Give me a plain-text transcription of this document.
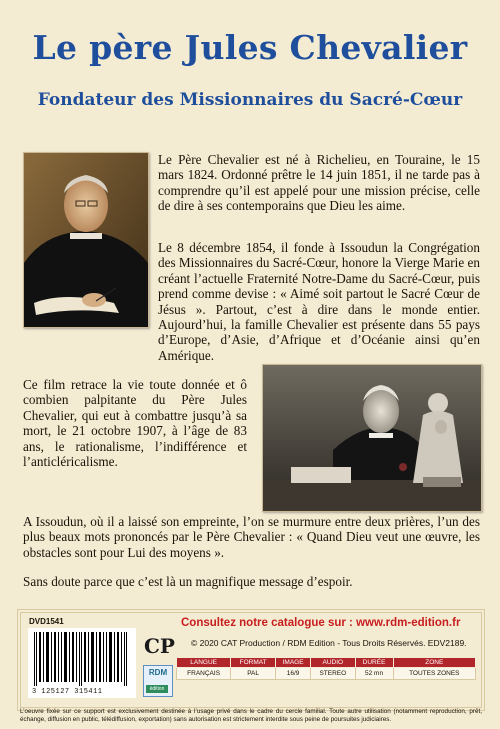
Le père Jules Chevalier
Fondateur des Missionnaires du Sacré-Cœur
Le Père Chevalier est né à Richelieu, en Touraine, le 15 mars 1824. Ordonné prêtre le 14 juin 1851, il ne tarde pas à comprendre qu’il est appelé pour une mission précise, celle de dire à ses contemporains que Dieu les aime.
Le 8 décembre 1854, il fonde à Issoudun la Congrégation des Missionnaires du Sacré-Cœur, honore la Vierge Marie en créant l’actuelle Fraternité Notre-Dame du Sacré-Cœur, puis prend comme devise : « Aimé soit partout le Sacré Cœur de Jésus ». Partout, c’est à dire dans le monde entier. Aujourd’hui, la famille Chevalier est présente dans 55 pays d’Europe, d’Asie, d’Afrique et d’Océanie ainsi qu’en Amérique.
Ce film retrace la vie toute donnée et ô combien palpitante du Père Jules Chevalier, qui eut à combattre jusqu’à sa mort, le 21 octobre 1907, à l’âge de 83 ans, le rationalisme, l’indifférence et l’anticléricalisme.
A Issoudun, où il a laissé son empreinte, l’on se murmure entre deux prières, l’un des plus beaux mots prononcés par le Père Chevalier : « Quand Dieu veut une œuvre, les obstacles sont pour Lui des moyens ».
Sans doute parce que c’est là un magnifique message d’espoir.
DVD1541
3 125127 315411
CP
RDM
édition
Consultez notre catalogue sur : www.rdm-edition.fr
© 2020 CAT Production / RDM Edition - Tous Droits Réservés. EDV2189.
LANGUE	FORMAT	IMAGE	AUDIO	DURÉE	ZONE
FRANÇAIS	PAL	16/9	STEREO	52 mn	TOUTES ZONES
L’oeuvre fixée sur ce support est exclusivement destinée à l’usage privé dans le cadre du cercle familial. Toute autre utilisation (notamment reproduction, prêt, échange, diffusion en public, télédiffusion, exportation) sans autorisation est strictement interdite sous peine de poursuites judiciaires.
